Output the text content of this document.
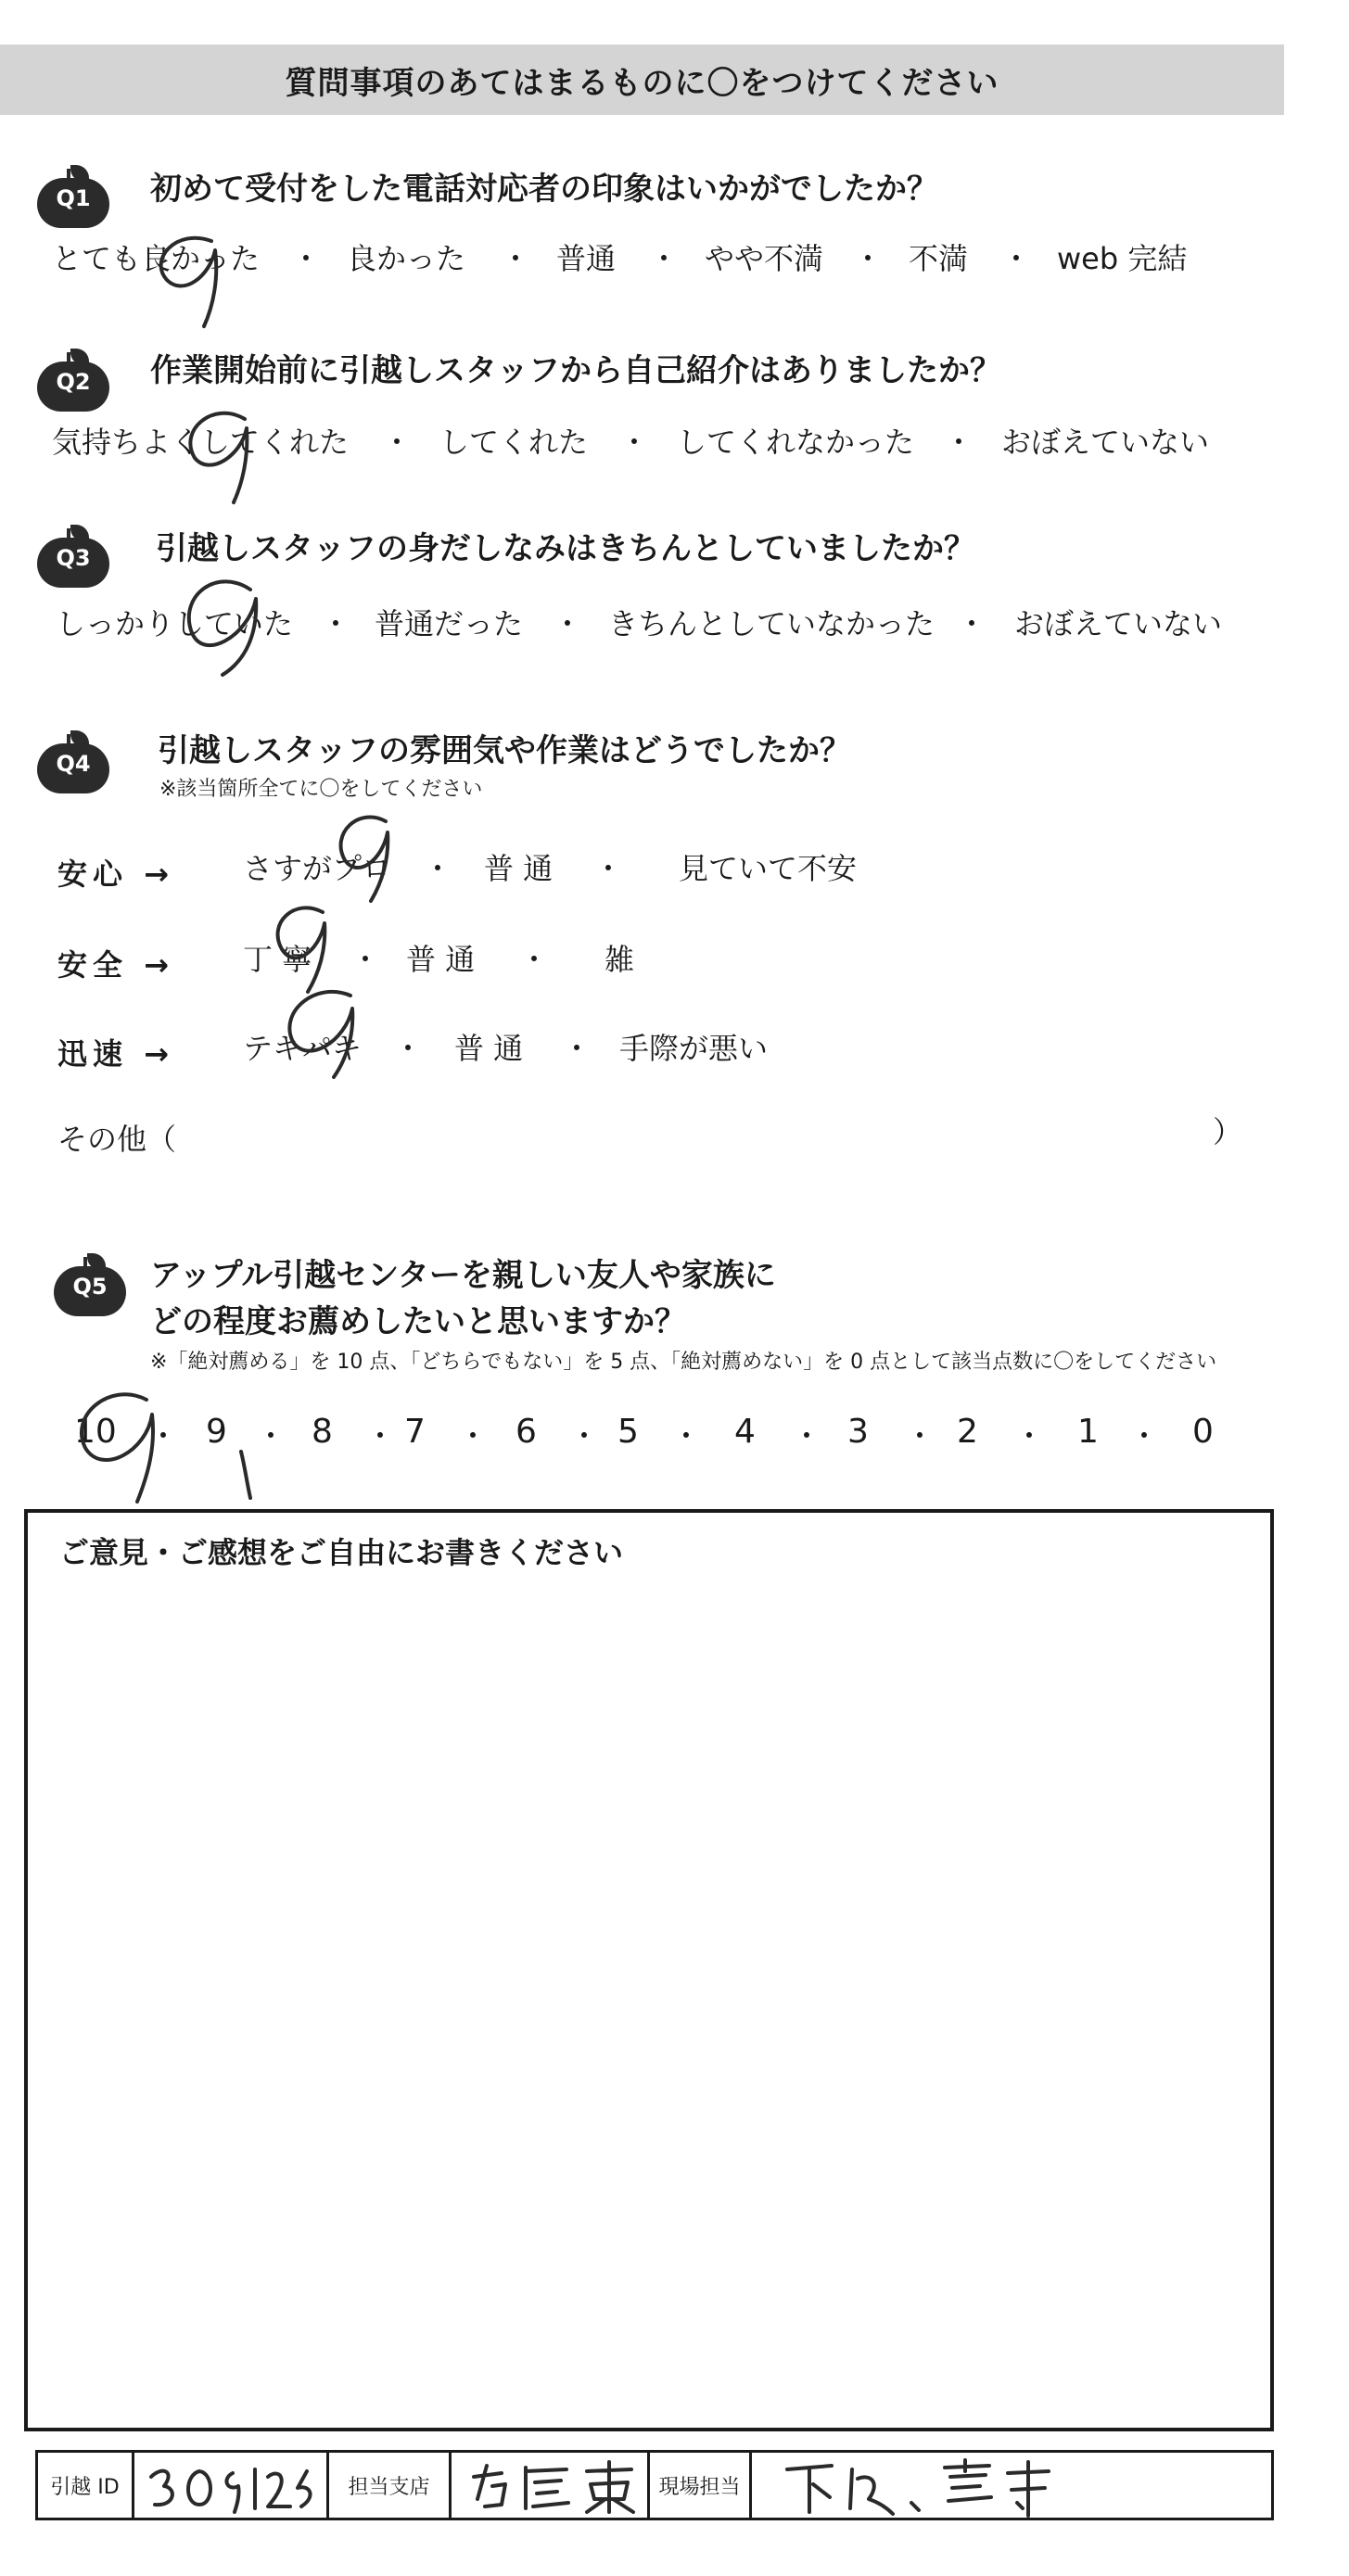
質問事項のあてはまるものに〇をつけてください
Q1	初めて受付をした電話対応者の印象はいかがでしたか？
とても良かった ・ 良かった ・ 普通 ・ やや不満 ・ 不満 ・ web 完結
Q2	作業開始前に引越しスタッフから自己紹介はありましたか？
気持ちよくしてくれた ・ してくれた ・ してくれなかった ・ おぼえていない
Q3	引越しスタッフの身だしなみはきちんとしていましたか？
しっかりしていた ・ 普通だった ・ きちんとしていなかった ・ おぼえていない
Q4	引越しスタッフの雰囲気や作業はどうでしたか？
※該当箇所全てに〇をしてください
安心 → さすがプロ ・ 普 通 ・ 見ていて不安
安全 → 丁 寧 ・ 普 通 ・ 雑
迅速 → テキパキ ・ 普 通 ・ 手際が悪い
その他（	）
Q5	アップル引越センターを親しい友人や家族に
どの程度お薦めしたいと思いますか？
※「絶対薦める」を 10 点、「どちらでもない」を 5 点、「絶対薦めない」を 0 点として該当点数に〇をしてください
10 ・ 9 ・ 8 ・ 7 ・ 6 ・ 5 ・ 4 ・ 3 ・ 2 ・ 1 ・ 0
ご意見・ご感想をご自由にお書きください
引越 ID	担当支店	現場担当
